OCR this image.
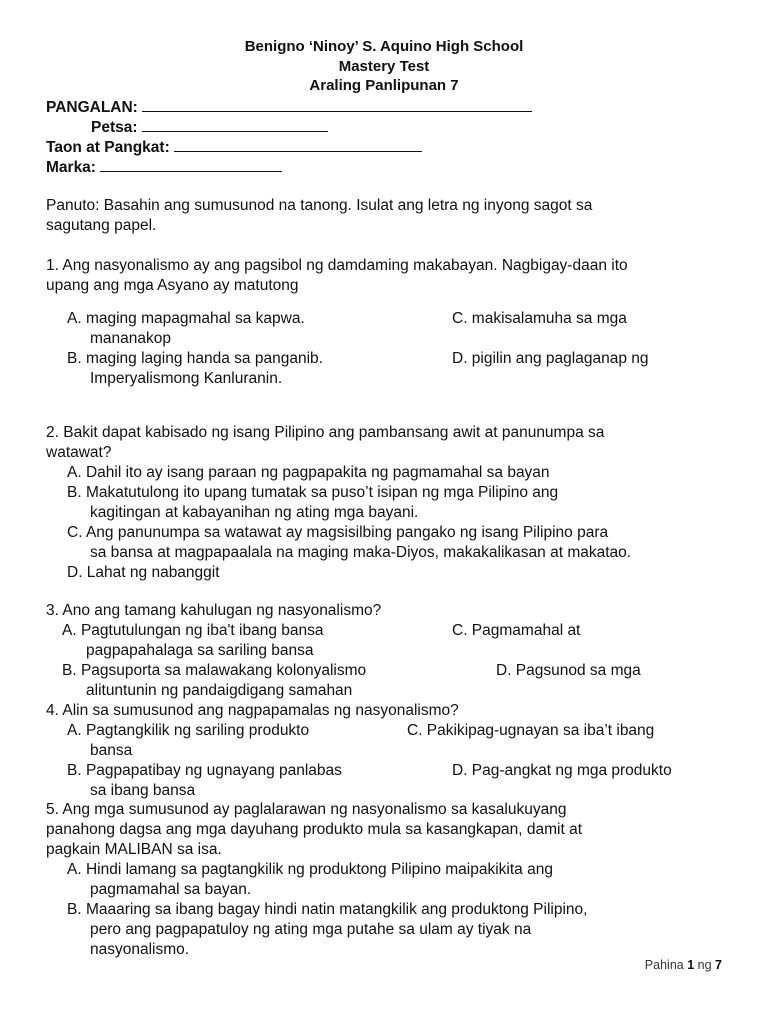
Benigno ‘Ninoy’ S. Aquino High School
Mastery Test
Araling Panlipunan 7
PANGALAN:
Petsa:
Taon at Pangkat:
Marka:
Panuto: Basahin ang sumusunod na tanong. Isulat ang letra ng inyong sagot sa
sagutang papel.
1. Ang nasyonalismo ay ang pagsibol ng damdaming makabayan. Nagbigay-daan ito
upang ang mga Asyano ay matutong
A. maging mapagmahal sa kapwa.	C. makisalamuha sa mga
mananakop
B. maging laging handa sa panganib.	D. pigilin ang paglaganap ng
Imperyalismong Kanluranin.
2. Bakit dapat kabisado ng isang Pilipino ang pambansang awit at panunumpa sa
watawat?
A. Dahil ito ay isang paraan ng pagpapakita ng pagmamahal sa bayan
B. Makatutulong ito upang tumatak sa puso’t isipan ng mga Pilipino ang
kagitingan at kabayanihan ng ating mga bayani.
C. Ang panunumpa sa watawat ay magsisilbing pangako ng isang Pilipino para
sa bansa at magpapaalala na maging maka-Diyos, makakalikasan at makatao.
D. Lahat ng nabanggit
3. Ano ang tamang kahulugan ng nasyonalismo?
A. Pagtutulungan ng iba't ibang bansa	C. Pagmamahal at
pagpapahalaga sa sariling bansa
B. Pagsuporta sa malawakang kolonyalismo	D. Pagsunod sa mga
alituntunin ng pandaigdigang samahan
4. Alin sa sumusunod ang nagpapamalas ng nasyonalismo?
A. Pagtangkilik ng sariling produkto	C. Pakikipag-ugnayan sa iba’t ibang
bansa
B. Pagpapatibay ng ugnayang panlabas	D. Pag-angkat ng mga produkto
sa ibang bansa
5. Ang mga sumusunod ay paglalarawan ng nasyonalismo sa kasalukuyang
panahong dagsa ang mga dayuhang produkto mula sa kasangkapan, damit at
pagkain MALIBAN sa isa.
A. Hindi lamang sa pagtangkilik ng produktong Pilipino maipakikita ang
pagmamahal sa bayan.
B. Maaaring sa ibang bagay hindi natin matangkilik ang produktong Pilipino,
pero ang pagpapatuloy ng ating mga putahe sa ulam ay tiyak na
nasyonalismo.
Pahina 1 ng 7
